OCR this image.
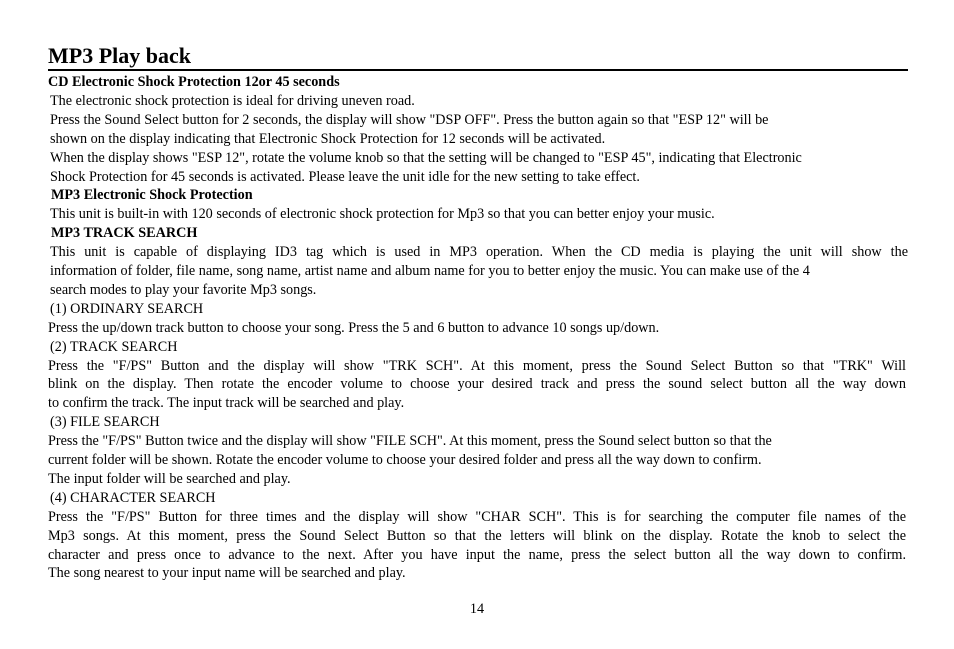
MP3 Play back
CD Electronic Shock Protection 12or 45 seconds
The electronic shock protection is ideal for driving uneven road.
Press the Sound Select button for 2 seconds, the display will show "DSP OFF". Press the button again so that "ESP 12" will be
shown on the display indicating that Electronic Shock Protection for 12 seconds will be activated.
When the display shows "ESP 12", rotate the volume knob so that the setting will be changed to "ESP 45", indicating that Electronic
Shock Protection for 45 seconds is activated. Please leave the unit idle for the new setting to take effect.
MP3 Electronic Shock Protection
This unit is built-in with 120 seconds of electronic shock protection for Mp3 so that you can better enjoy your music.
MP3 TRACK SEARCH
This unit is capable of displaying ID3 tag which is used in MP3 operation. When the CD media is playing the unit will show the
information of folder, file name, song name, artist name and album name for you to better enjoy the music. You can make use of the 4
search modes to play your favorite Mp3 songs.
(1) ORDINARY SEARCH
Press the up/down track button to choose your song. Press the 5 and 6 button to advance 10 songs up/down.
(2) TRACK SEARCH
Press the "F/PS" Button and the display will show "TRK SCH". At this moment, press the Sound Select Button so that "TRK" Will
blink on the display. Then rotate the encoder volume to choose your desired track and press the sound select button all the way down
to confirm the track. The input track will be searched and play.
(3) FILE SEARCH
Press the "F/PS" Button twice and the display will show "FILE SCH". At this moment, press the Sound select button so that the
current folder will be shown. Rotate the encoder volume to choose your desired folder and press all the way down to confirm.
The input folder will be searched and play.
(4) CHARACTER SEARCH
Press the "F/PS" Button for three times and the display will show "CHAR SCH". This is for searching the computer file names of the
Mp3 songs. At this moment, press the Sound Select Button so that the letters will blink on the display. Rotate the knob to select the
character and press once to advance to the next. After you have input the name, press the select button all the way down to confirm.
The song nearest to your input name will be searched and play.
14
